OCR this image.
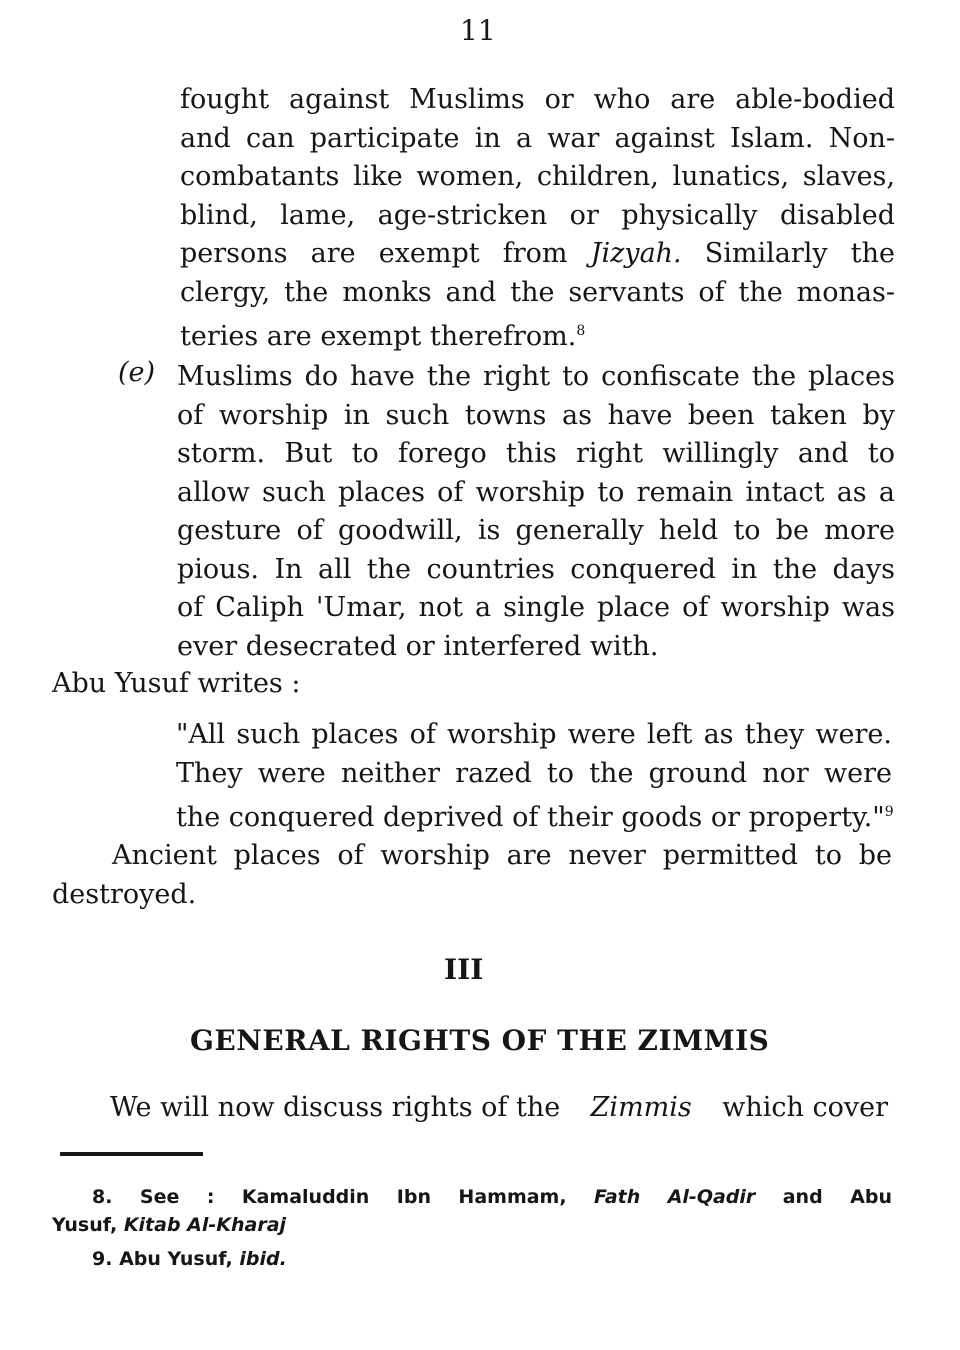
11
fought against Muslims or who are able-bodied
and can participate in a war against Islam. Non-
combatants like women, children, lunatics, slaves,
blind, lame, age-stricken or physically disabled
persons are exempt from Jizyah. Similarly the
clergy, the monks and the servants of the monas-
teries are exempt therefrom.$^8$
(e) Muslims do have the right to confiscate the places
of worship in such towns as have been taken by
storm. But to forego this right willingly and to
allow such places of worship to remain intact as a
gesture of goodwill, is generally held to be more
pious. In all the countries conquered in the days
of Caliph 'Umar, not a single place of worship was
ever desecrated or interfered with.
Abu Yusuf writes :
"All such places of worship were left as they were.
They were neither razed to the ground nor were
the conquered deprived of their goods or property."$^9$
Ancient places of worship are never permitted to be
destroyed.
III
GENERAL RIGHTS OF THE ZIMMIS
We will now discuss rights of the Zimmis which cover
8. See : Kamaluddin Ibn Hammam, Fath Al-Qadir and Abu
Yusuf, Kitab Al-Kharaj
9. Abu Yusuf, ibid.
